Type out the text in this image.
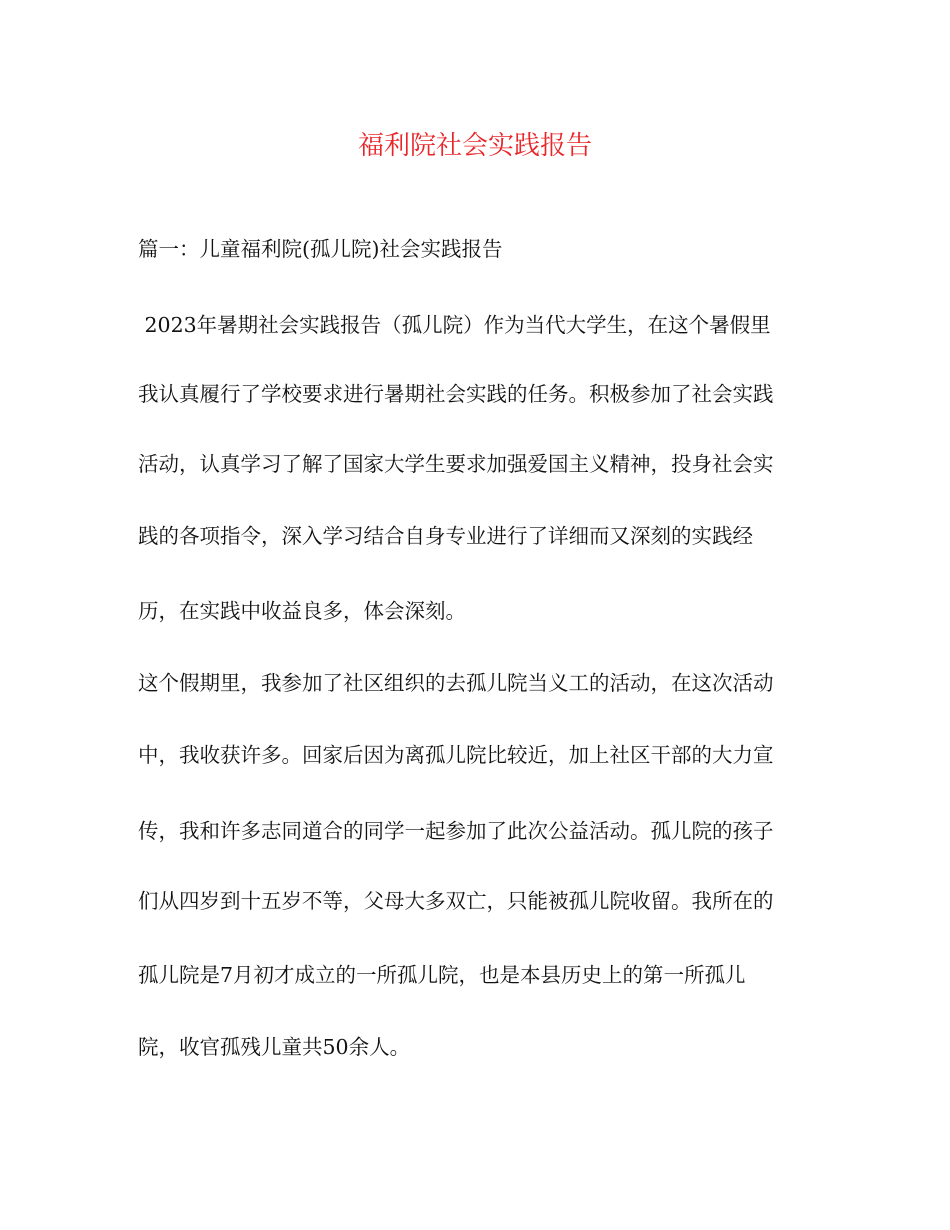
福利院社会实践报告
篇一：儿童福利院(孤儿院)社会实践报告
2023年暑期社会实践报告（孤儿院）作为当代大学生，在这个暑假里
我认真履行了学校要求进行暑期社会实践的任务。积极参加了社会实践
活动，认真学习了解了国家大学生要求加强爱国主义精神，投身社会实
践的各项指令，深入学习结合自身专业进行了详细而又深刻的实践经
历，在实践中收益良多，体会深刻。
这个假期里，我参加了社区组织的去孤儿院当义工的活动，在这次活动
中，我收获许多。回家后因为离孤儿院比较近，加上社区干部的大力宣
传，我和许多志同道合的同学一起参加了此次公益活动。孤儿院的孩子
们从四岁到十五岁不等，父母大多双亡，只能被孤儿院收留。我所在的
孤儿院是7月初才成立的一所孤儿院，也是本县历史上的第一所孤儿
院，收官孤残儿童共50余人。
